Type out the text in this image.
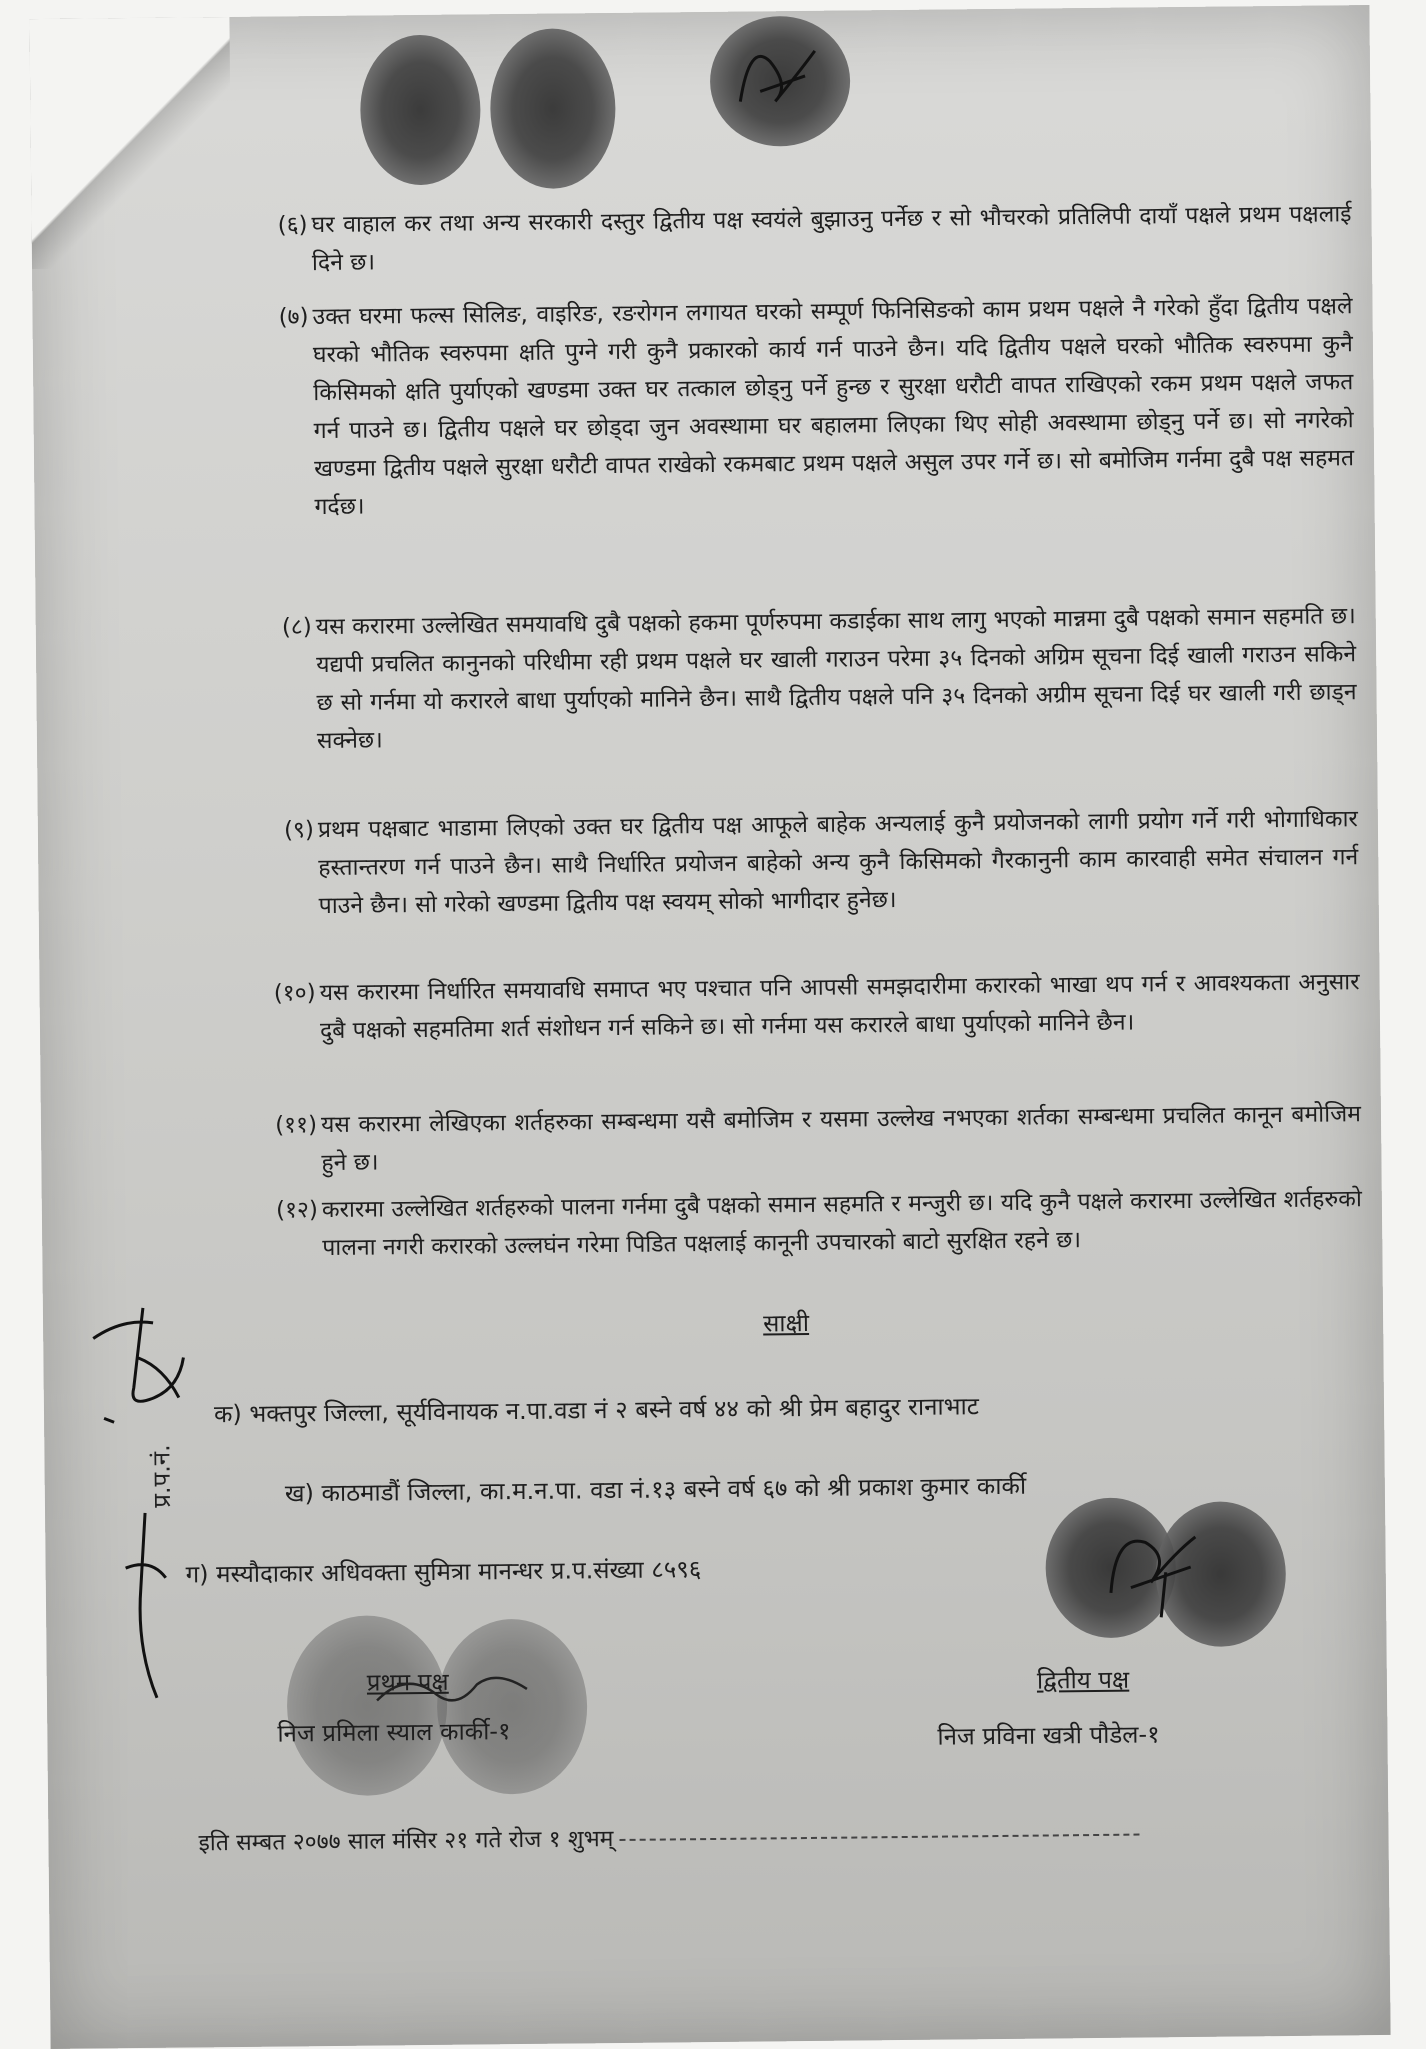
(६) घर वाहाल कर तथा अन्य सरकारी दस्तुर द्वितीय पक्ष स्वयंले बुझाउनु पर्नेछ र सो भौचरको प्रतिलिपी दायाँ पक्षले प्रथम पक्षलाई दिने छ।
(७) उक्त घरमा फल्स सिलिङ, वाइरिङ, रङरोगन लगायत घरको सम्पूर्ण फिनिसिङको काम प्रथम पक्षले नै गरेको हुँदा द्वितीय पक्षले घरको भौतिक स्वरुपमा क्षति पुग्ने गरी कुनै प्रकारको कार्य गर्न पाउने छैन। यदि द्वितीय पक्षले घरको भौतिक स्वरुपमा कुनै किसिमको क्षति पुर्याएको खण्डमा उक्त घर तत्काल छोड्नु पर्ने हुन्छ र सुरक्षा धरौटी वापत राखिएको रकम प्रथम पक्षले जफत गर्न पाउने छ। द्वितीय पक्षले घर छोड्दा जुन अवस्थामा घर बहालमा लिएका थिए सोही अवस्थामा छोड्नु पर्ने छ। सो नगरेको खण्डमा द्वितीय पक्षले सुरक्षा धरौटी वापत राखेको रकमबाट प्रथम पक्षले असुल उपर गर्ने छ। सो बमोजिम गर्नमा दुबै पक्ष सहमत गर्दछ।
(८) यस करारमा उल्लेखित समयावधि दुबै पक्षको हकमा पूर्णरुपमा कडाईका साथ लागु भएको मान्नमा दुबै पक्षको समान सहमति छ। यद्यपी प्रचलित कानुनको परिधीमा रही प्रथम पक्षले घर खाली गराउन परेमा ३५ दिनको अग्रिम सूचना दिई खाली गराउन सकिने छ सो गर्नमा यो करारले बाधा पुर्याएको मानिने छैन। साथै द्वितीय पक्षले पनि ३५ दिनको अग्रीम सूचना दिई घर खाली गरी छाड्न सक्नेछ।
(९) प्रथम पक्षबाट भाडामा लिएको उक्त घर द्वितीय पक्ष आफूले बाहेक अन्यलाई कुनै प्रयोजनको लागी प्रयोग गर्ने गरी भोगाधिकार हस्तान्तरण गर्न पाउने छैन। साथै निर्धारित प्रयोजन बाहेको अन्य कुनै किसिमको गैरकानुनी काम कारवाही समेत संचालन गर्न पाउने छैन। सो गरेको खण्डमा द्वितीय पक्ष स्वयम् सोको भागीदार हुनेछ।
(१०) यस करारमा निर्धारित समयावधि समाप्त भए पश्चात पनि आपसी समझदारीमा करारको भाखा थप गर्न र आवश्यकता अनुसार दुबै पक्षको सहमतिमा शर्त संशोधन गर्न सकिने छ। सो गर्नमा यस करारले बाधा पुर्याएको मानिने छैन।
(११) यस करारमा लेखिएका शर्तहरुका सम्बन्धमा यसै बमोजिम र यसमा उल्लेख नभएका शर्तका सम्बन्धमा प्रचलित कानून बमोजिम हुने छ।
(१२) करारमा उल्लेखित शर्तहरुको पालना गर्नमा दुबै पक्षको समान सहमति र मन्जुरी छ। यदि कुनै पक्षले करारमा उल्लेखित शर्तहरुको पालना नगरी करारको उल्लघंन गरेमा पिडित पक्षलाई कानूनी उपचारको बाटो सुरक्षित रहने छ।
साक्षी
क) भक्तपुर जिल्ला, सूर्यविनायक न.पा.वडा नं २ बस्ने वर्ष ४४ को श्री प्रेम बहादुर रानाभाट
ख) काठमाडौं जिल्ला, का.म.न.पा. वडा नं.१३ बस्ने वर्ष ६७ को श्री प्रकाश कुमार कार्की
ग) मस्यौदाकार अधिवक्ता सुमित्रा मानन्धर प्र.प.संख्या ८५९६
प्र.प.नं.
प्रथम पक्ष
निज प्रमिला स्याल कार्की-१
द्वितीय पक्ष
निज प्रविना खत्री पौडेल-१
इति सम्बत २०७७ साल मंसिर २१ गते रोज १ शुभम्
